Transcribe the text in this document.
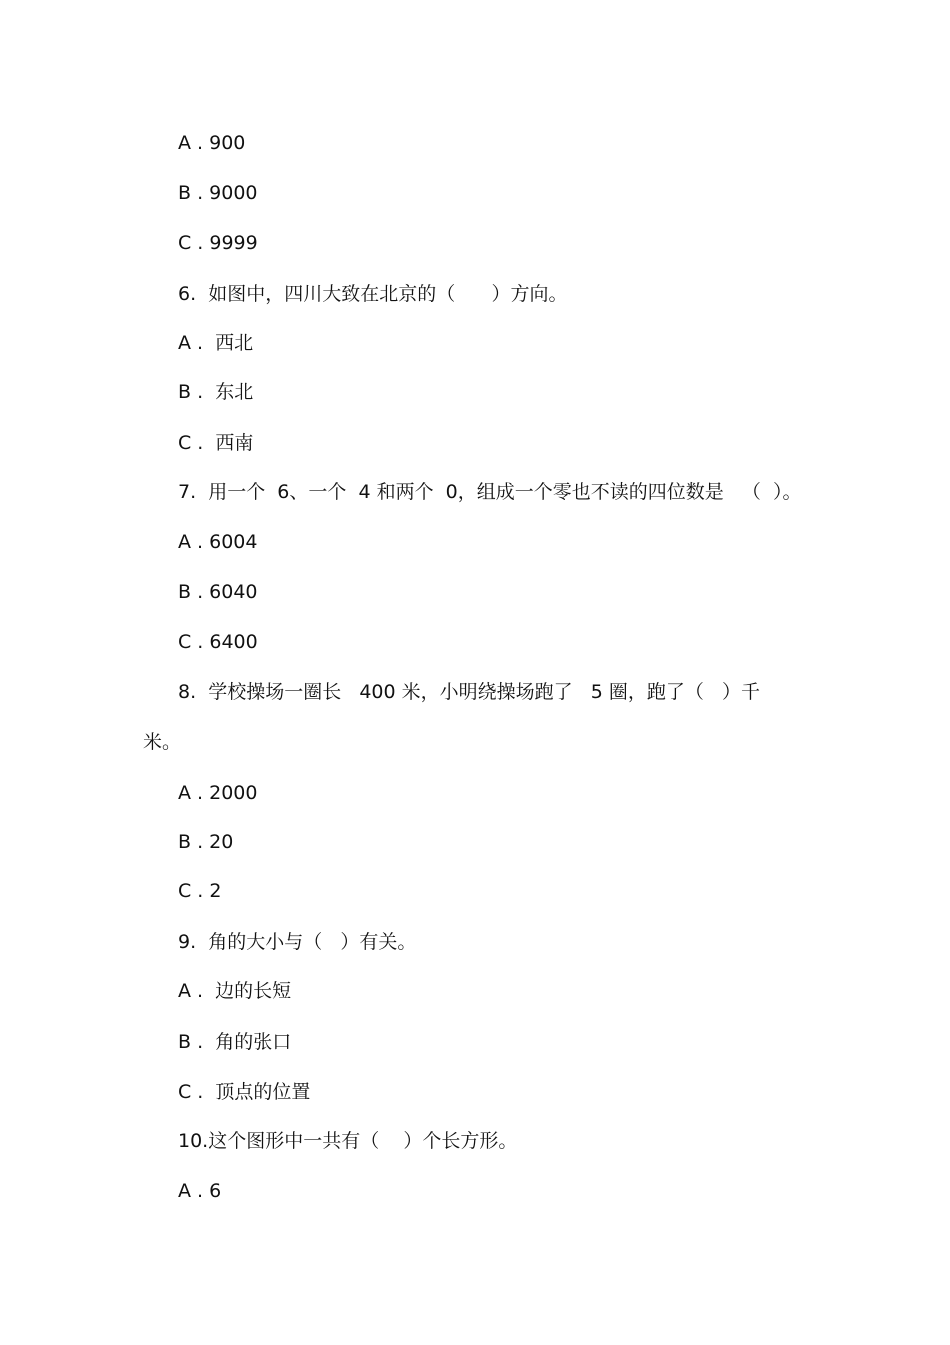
A . 900
B . 9000
C . 9999
6.  如图中，四川大致在北京的（      ）方向。
A .  西北
B .  东北
C .  西南
7.  用一个  6、一个  4 和两个  0，组成一个零也不读的四位数是   （  ）。
A . 6004
B . 6040
C . 6400
8.  学校操场一圈长   400 米，小明绕操场跑了   5 圈，跑了（   ）千
米。
A . 2000
B . 20
C . 2
9.  角的大小与（   ）有关。
A .  边的长短
B .  角的张口
C .  顶点的位置
10.这个图形中一共有（    ）个长方形。
A . 6
